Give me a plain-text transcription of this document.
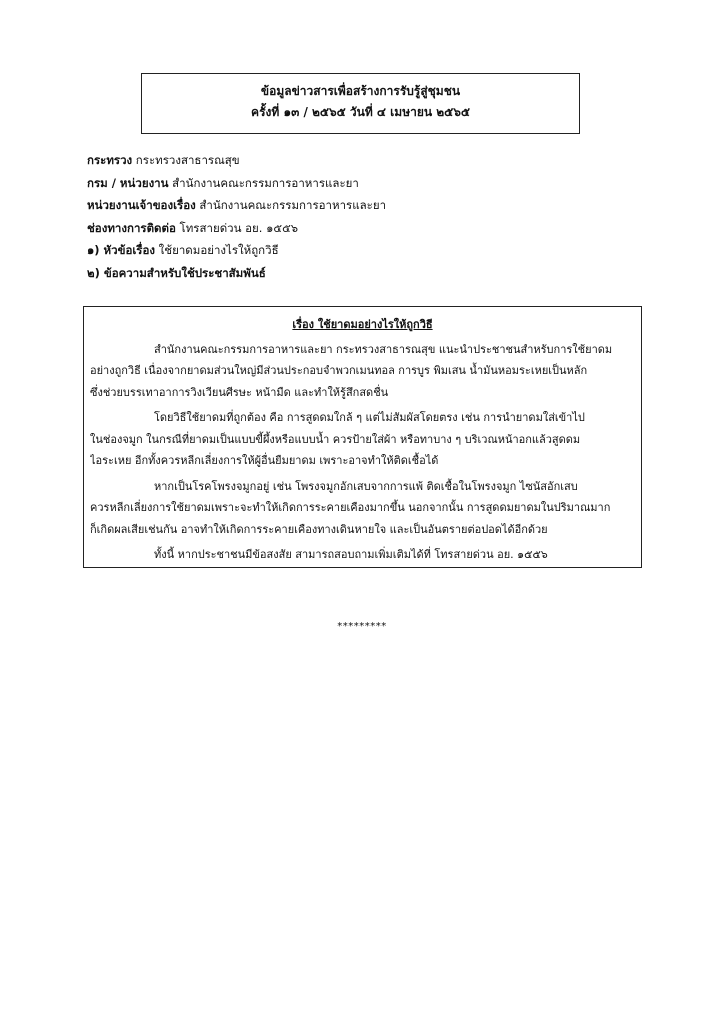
ข้อมูลข่าวสารเพื่อสร้างการรับรู้สู่ชุมชน
ครั้งที่ ๑๓ / ๒๕๖๕ วันที่ ๔ เมษายน ๒๕๖๕
กระทรวง กระทรวงสาธารณสุข
กรม / หน่วยงาน สำนักงานคณะกรรมการอาหารและยา
หน่วยงานเจ้าของเรื่อง สำนักงานคณะกรรมการอาหารและยา
ช่องทางการติดต่อ โทรสายด่วน อย. ๑๕๕๖
๑) หัวข้อเรื่อง ใช้ยาดมอย่างไรให้ถูกวิธี
๒) ข้อความสำหรับใช้ประชาสัมพันธ์
เรื่อง ใช้ยาดมอย่างไรให้ถูกวิธี
สำนักงานคณะกรรมการอาหารและยา กระทรวงสาธารณสุข แนะนำประชาชนสำหรับการใช้ยาดม
อย่างถูกวิธี เนื่องจากยาดมส่วนใหญ่มีส่วนประกอบจำพวกเมนทอล การบูร พิมเสน น้ำมันหอมระเหยเป็นหลัก
ซึ่งช่วยบรรเทาอาการวิงเวียนศีรษะ หน้ามืด และทำให้รู้สึกสดชื่น
โดยวิธีใช้ยาดมที่ถูกต้อง คือ การสูดดมใกล้ ๆ แต่ไม่สัมผัสโดยตรง เช่น การนำยาดมใส่เข้าไป
ในช่องจมูก ในกรณีที่ยาดมเป็นแบบขี้ผึ้งหรือแบบน้ำ ควรป้ายใส่ผ้า หรือทาบาง ๆ บริเวณหน้าอกแล้วสูดดม
ไอระเหย อีกทั้งควรหลีกเลี่ยงการให้ผู้อื่นยืมยาดม เพราะอาจทำให้ติดเชื้อได้
หากเป็นโรคโพรงจมูกอยู่ เช่น โพรงจมูกอักเสบจากการแพ้ ติดเชื้อในโพรงจมูก ไซนัสอักเสบ
ควรหลีกเลี่ยงการใช้ยาดมเพราะจะทำให้เกิดการระคายเคืองมากขึ้น นอกจากนั้น การสูดดมยาดมในปริมาณมาก
ก็เกิดผลเสียเช่นกัน อาจทำให้เกิดการระคายเคืองทางเดินหายใจ และเป็นอันตรายต่อปอดได้อีกด้วย
ทั้งนี้ หากประชาชนมีข้อสงสัย สามารถสอบถามเพิ่มเติมได้ที่ โทรสายด่วน อย. ๑๕๕๖
*********
